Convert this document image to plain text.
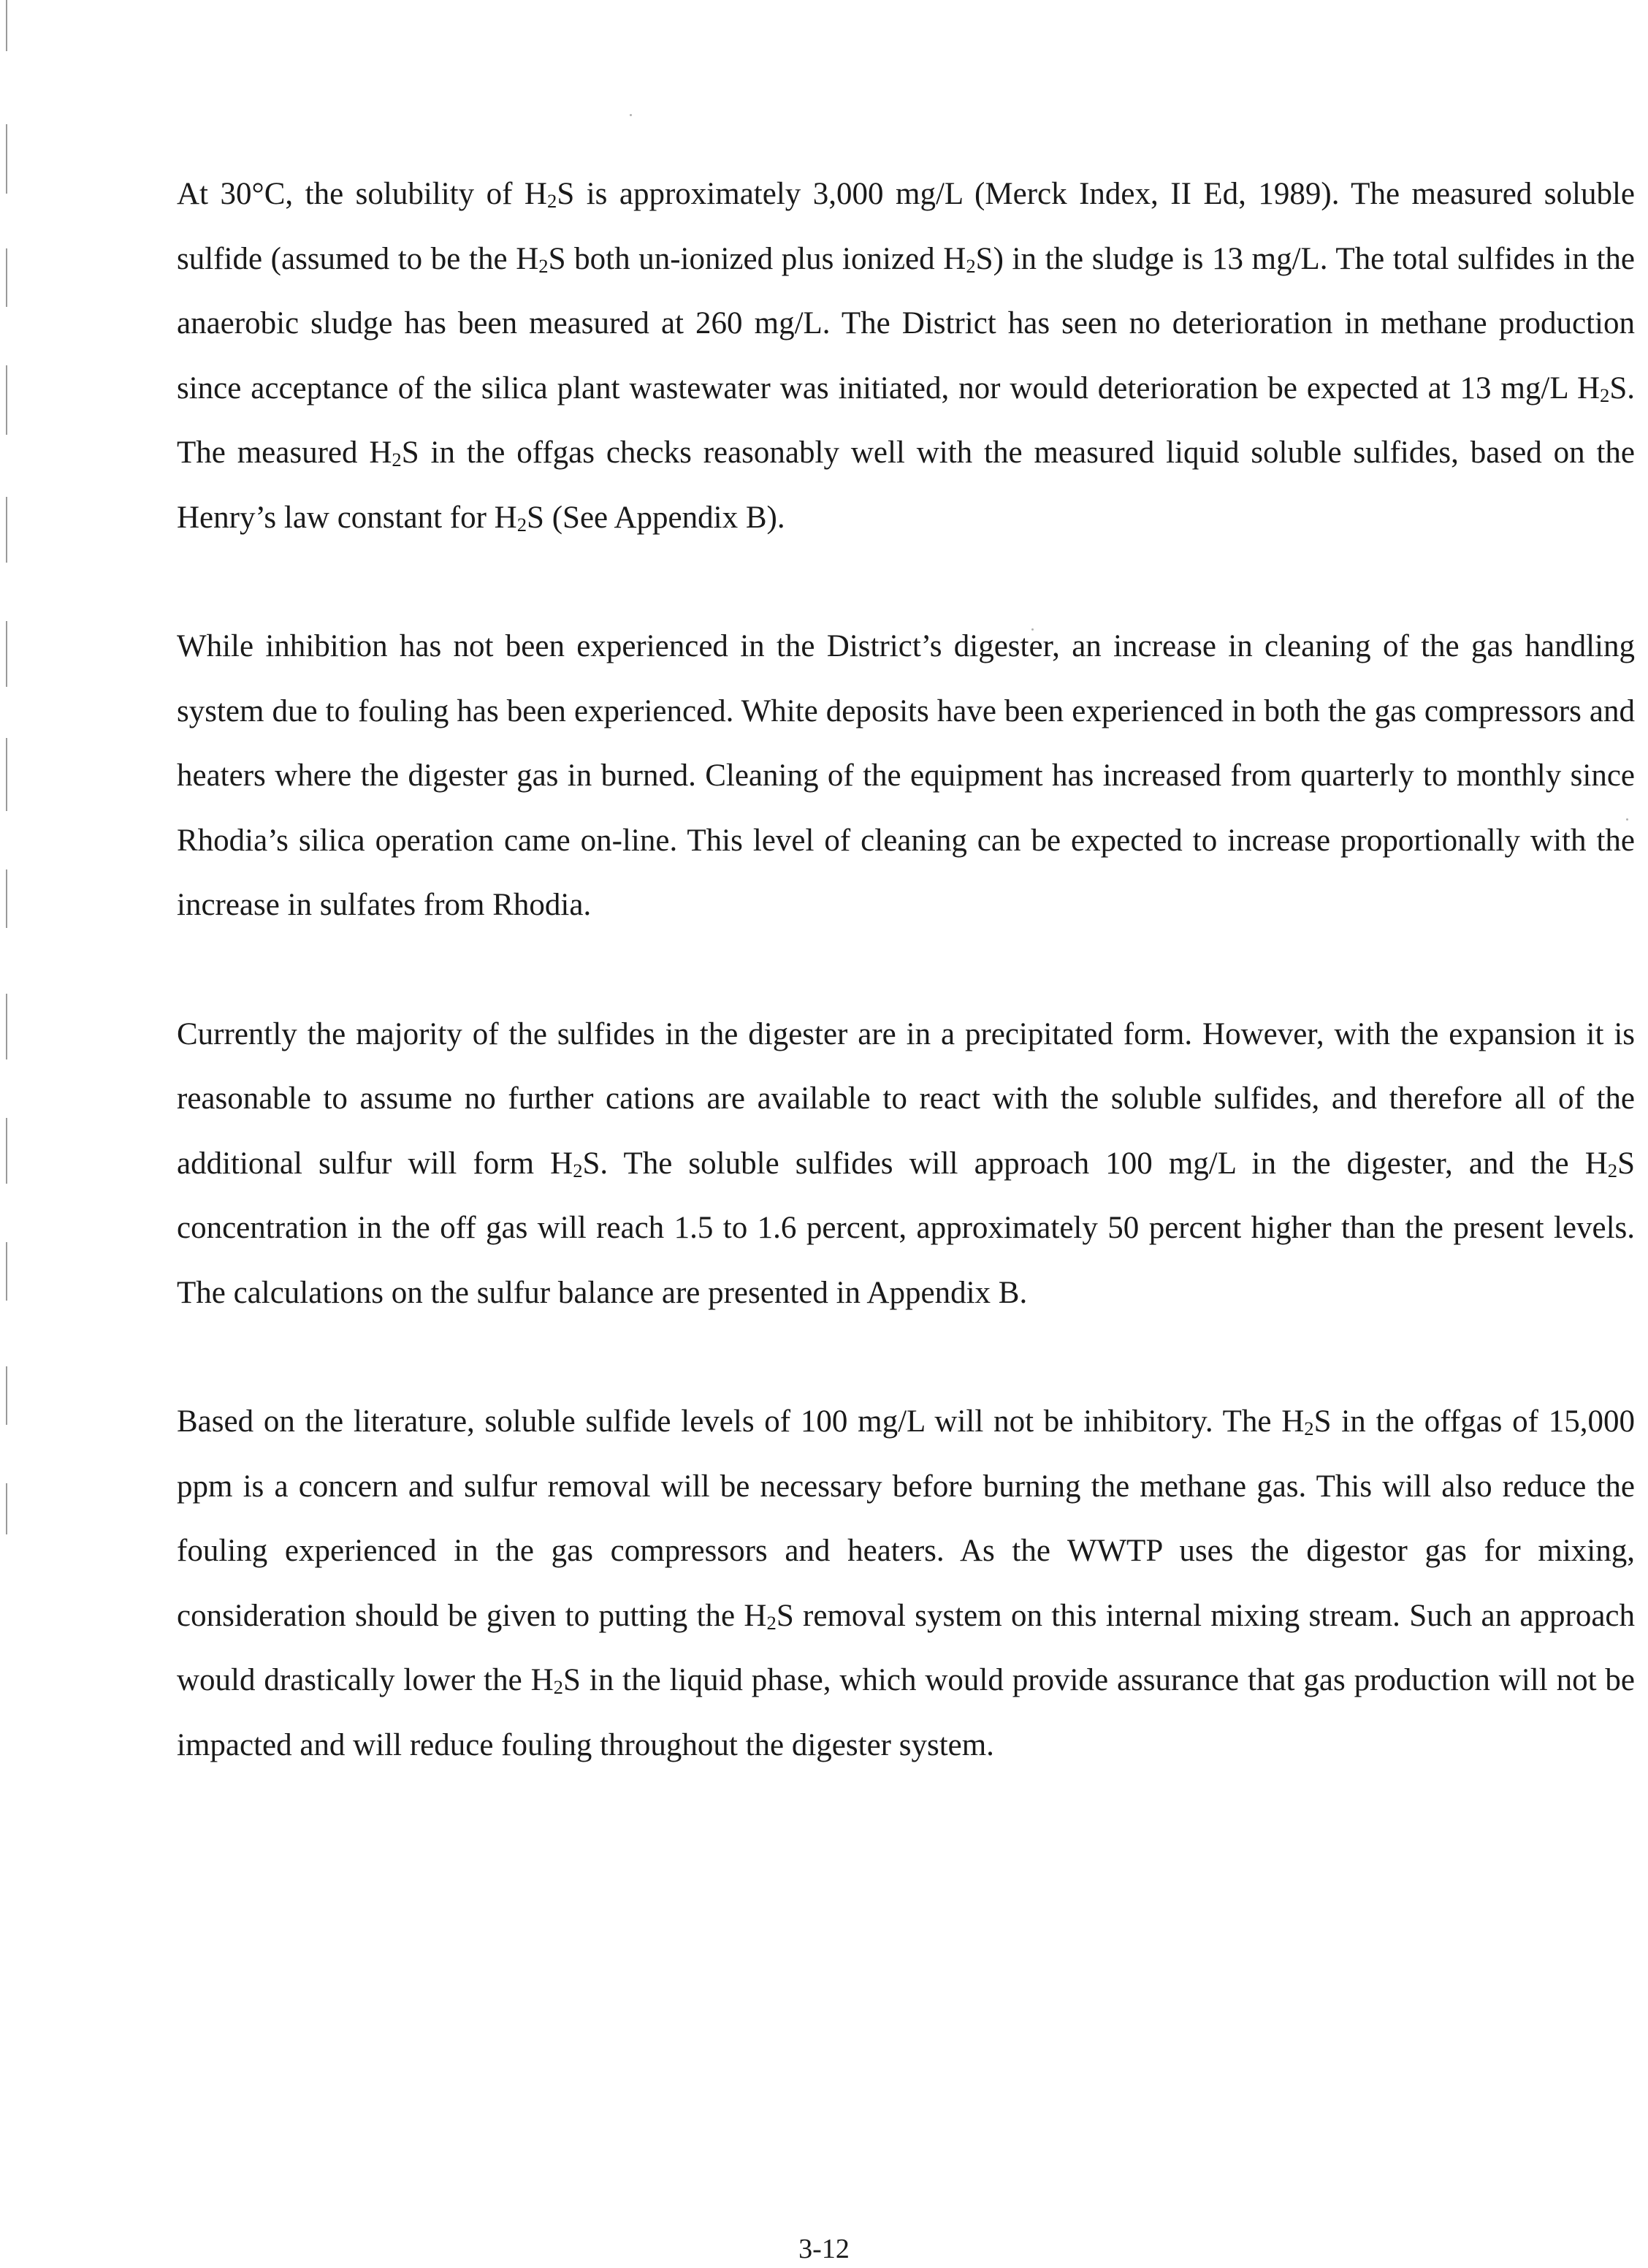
At 30°C, the solubility of $H_2S$ is approximately 3,000 mg/L (Merck Index, II Ed, 1989). The measured soluble sulfide (assumed to be the $H_2S$ both un-ionized plus ionized $H_2S$) in the sludge is 13 mg/L. The total sulfides in the anaerobic sludge has been measured at 260 mg/L. The District has seen no deterioration in methane production since acceptance of the silica plant wastewater was initiated, nor would deterioration be expected at 13 mg/L $H_2S$. The measured $H_2S$ in the offgas checks reasonably well with the measured liquid soluble sulfides, based on the Henry’s law constant for $H_2S$ (See Appendix B).

While inhibition has not been experienced in the District’s digester, an increase in cleaning of the gas handling system due to fouling has been experienced. White deposits have been experienced in both the gas compressors and heaters where the digester gas in burned. Cleaning of the equipment has increased from quarterly to monthly since Rhodia’s silica operation came on-line. This level of cleaning can be expected to increase proportionally with the increase in sulfates from Rhodia.

Currently the majority of the sulfides in the digester are in a precipitated form. However, with the expansion it is reasonable to assume no further cations are available to react with the soluble sulfides, and therefore all of the additional sulfur will form $H_2S$. The soluble sulfides will approach 100 mg/L in the digester, and the $H_2S$ concentration in the off gas will reach 1.5 to 1.6 percent, approximately 50 percent higher than the present levels. The calculations on the sulfur balance are presented in Appendix B.

Based on the literature, soluble sulfide levels of 100 mg/L will not be inhibitory. The $H_2S$ in the offgas of 15,000 ppm is a concern and sulfur removal will be necessary before burning the methane gas. This will also reduce the fouling experienced in the gas compressors and heaters. As the WWTP uses the digestor gas for mixing, consideration should be given to putting the $H_2S$ removal system on this internal mixing stream. Such an approach would drastically lower the $H_2S$ in the liquid phase, which would provide assurance that gas production will not be impacted and will reduce fouling throughout the digester system.

3-12
